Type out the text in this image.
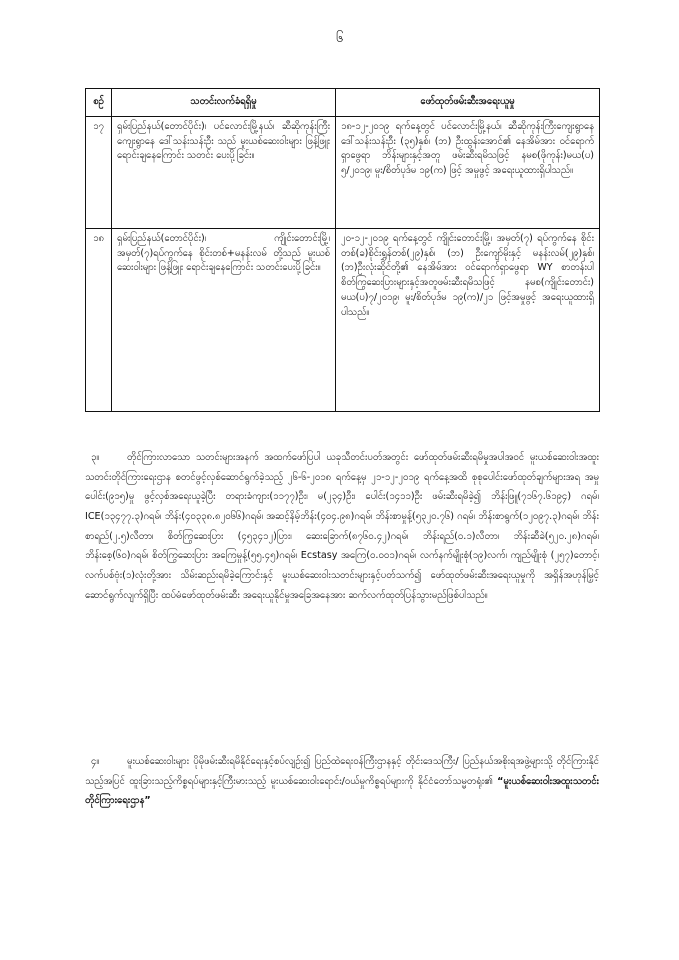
၆
စဉ်	သတင်းလက်ခံရရှိမှု	ဖော်ထုတ်ဖမ်းဆီးအရေးယူမှု
၁၇	ရှမ်းပြည်နယ်(တောင်ပိုင်း)၊ ပင်လောင်းမြို့နယ်၊ ဆီဆိုကုန်းကြီးကျေးရွာနေ ဒေါ်သန်းသန်းဦး သည် မူးယစ်ဆေးဝါးများ ဖြန့်ဖြူးရောင်းချနေကြောင်း သတင်း ပေးပို့ခြင်း။	၁၈-၁၂-၂၀၁၉ ရက်နေ့တွင် ပင်လောင်းမြို့နယ်၊ ဆီဆိုကုန်းကြီးကျေးရွာနေ ဒေါ်သန်းသန်းဦး (၃၅)နှစ်၊ (ဘ) ဦးထွန်းအောင်၏ နေအိမ်အား ဝင်ရောက်ရှာဖွေရာ ဘိန်းများနှင့်အတူ ဖမ်းဆီးရမိသဖြင့် နမစ(ဖိုကုန်း)မယ(ပ) ၅/၂၀၁၉၊ မူး/စိတ်ပုဒ်မ ၁၉(က) ဖြင့် အမှုဖွင့် အရေးယူထားရှိပါသည်။
၁၈	ရှမ်းပြည်နယ်(တောင်ပိုင်း)၊ ကျိုင်းတောင်းမြို့၊ အမှတ်(၇)ရပ်ကွက်နေ စိုင်းတစ်+မနန်းလမ် တို့သည် မူးယစ်ဆေးဝါးများ ဖြန့်ဖြူး ရောင်းချနေကြောင်း သတင်းပေးပို့ခြင်း။	၂၀-၁၂-၂၀၁၉ ရက်နေ့တွင် ကျိုင်းတောင်းမြို့၊ အမှတ်(၇) ရပ်ကွက်နေ စိုင်းတစ်(ခ)စိုင်းရွှန်တစ်(၂၉)နှစ်၊ (ဘ) ဦးကျော်မိုးနှင့် မနန်းလမ်(၂၉)နှစ်၊ (ဘ)ဦးလုံးဆိုင်တို့၏ နေအိမ်အား ဝင်ရောက်ရှာဖွေရာ WY စာတန်းပါ စိတ်ကြွဆေးပြားများနှင့်အတူဖမ်းဆီးရမိသဖြင့် နမစ(ကျိုင်းတောင်း) မယ(ပ)၇/၂၀၁၉၊ မူး/စိတ်ပုဒ်မ ၁၉(က)/၂၁ ဖြင့်အမှုဖွင့် အရေးယူထားရှိပါသည်။

၃။	တိုင်ကြားလာသော သတင်းများအနက် အထက်ဖော်ပြပါ ယခုသီတင်းပတ်အတွင်း ဖော်ထုတ်ဖမ်းဆီးရမိမှုအပါအဝင် မူးယစ်ဆေးဝါးအထူးသတင်းတိုင်ကြားရေးဌာန စတင်ဖွင့်လှစ်ဆောင်ရွက်ခဲ့သည့် ၂၆-၆-၂၀၁၈ ရက်နေ့မှ ၂၁-၁၂-၂၀၁၉ ရက်နေ့အထိ စုစုပေါင်းဖော်ထုတ်ချက်များအရ အမှုပေါင်း(၉၁၅)မှု ဖွင့်လှစ်အရေးယူခဲ့ပြီး တရားခံကျား(၁၁၇၇)ဦး၊ မ(၂၃၄)ဦး၊ ပေါင်း(၁၄၁၁)ဦး ဖမ်းဆီးရမိခဲ့၍ ဘိန်းဖြူ(၇၁၆၇.၆၁၉၄) ဂရမ်၊ ICE(၁၃၄၇၇.၃)ဂရမ်၊ ဘိန်း(၄၀၃၃၈.၈၂၀၆၆)ဂရမ်၊ အဆင့်နိမ့်ဘိန်း(၄၀၄.၉၈)ဂရမ်၊ ဘိန်းစာမှုန့်(၅၃၂၀.၇၆) ဂရမ်၊ ဘိန်းစာရွက်(၁၂၀၉၇.၃)ဂရမ်၊ ဘိန်းစာရည်(၂.၅)လီတာ၊ စိတ်ကြွဆေးပြား (၄၅၃၄၁၂)ပြား၊ ဆေးခြောက်(၈၇၆၀.၄၂)ဂရမ်၊ ဘိန်းရည်(၀.၁)လီတာ၊ ဘိန်းဆီခဲ(၅၂၀.၂၈)ဂရမ်၊ ဘိန်းစေ့(၆၀)ဂရမ်၊ စိတ်ကြွဆေးပြား အကြေမှုန့်(၅၅.၄၅)ဂရမ်၊ Ecstasy အကြေ(၀.၀၀၁)ဂရမ်၊ လက်နက်မျိုးစုံ(၁၉)လက်၊ ကျည်မျိုးစုံ (၂၅၇)တောင့်၊ လက်ပစ်ဗုံး(၁)လုံးတို့အား သိမ်းဆည်းရမိခဲ့ကြောင်းနှင့် မူးယစ်ဆေးဝါးသတင်းများနှင့်ပတ်သက်၍ ဖော်ထုတ်ဖမ်းဆီးအရေးယူမှုကို အရှိန်အဟုန်မြှင့် ဆောင်ရွက်လျက်ရှိပြီး ထပ်မံဖော်ထုတ်ဖမ်းဆီး အရေးယူနိုင်မှုအခြေအနေအား ဆက်လက်ထုတ်ပြန်သွားမည်ဖြစ်ပါသည်။

၄။	မူးယစ်ဆေးဝါးများ ပိုမိုဖမ်းဆီးရမိနိုင်ရေးနှင့်စပ်လျဉ်း၍ ပြည်ထဲရေးဝန်ကြီးဌာနနှင့် တိုင်းဒေသကြီး/ ပြည်နယ်အစိုးရအဖွဲ့များသို့ တိုင်ကြားနိုင်သည့်အပြင် ထူးခြားသည့်ကိစ္စရပ်များနှင့်ကြီးမားသည့် မူးယစ်ဆေးဝါးရောင်း/ဝယ်မှုကိစ္စရပ်များကို နိုင်ငံတော်သမ္မတရုံး၏ “မူးယစ်ဆေးဝါးအထူးသတင်းတိုင်ကြားရေးဌာန”
